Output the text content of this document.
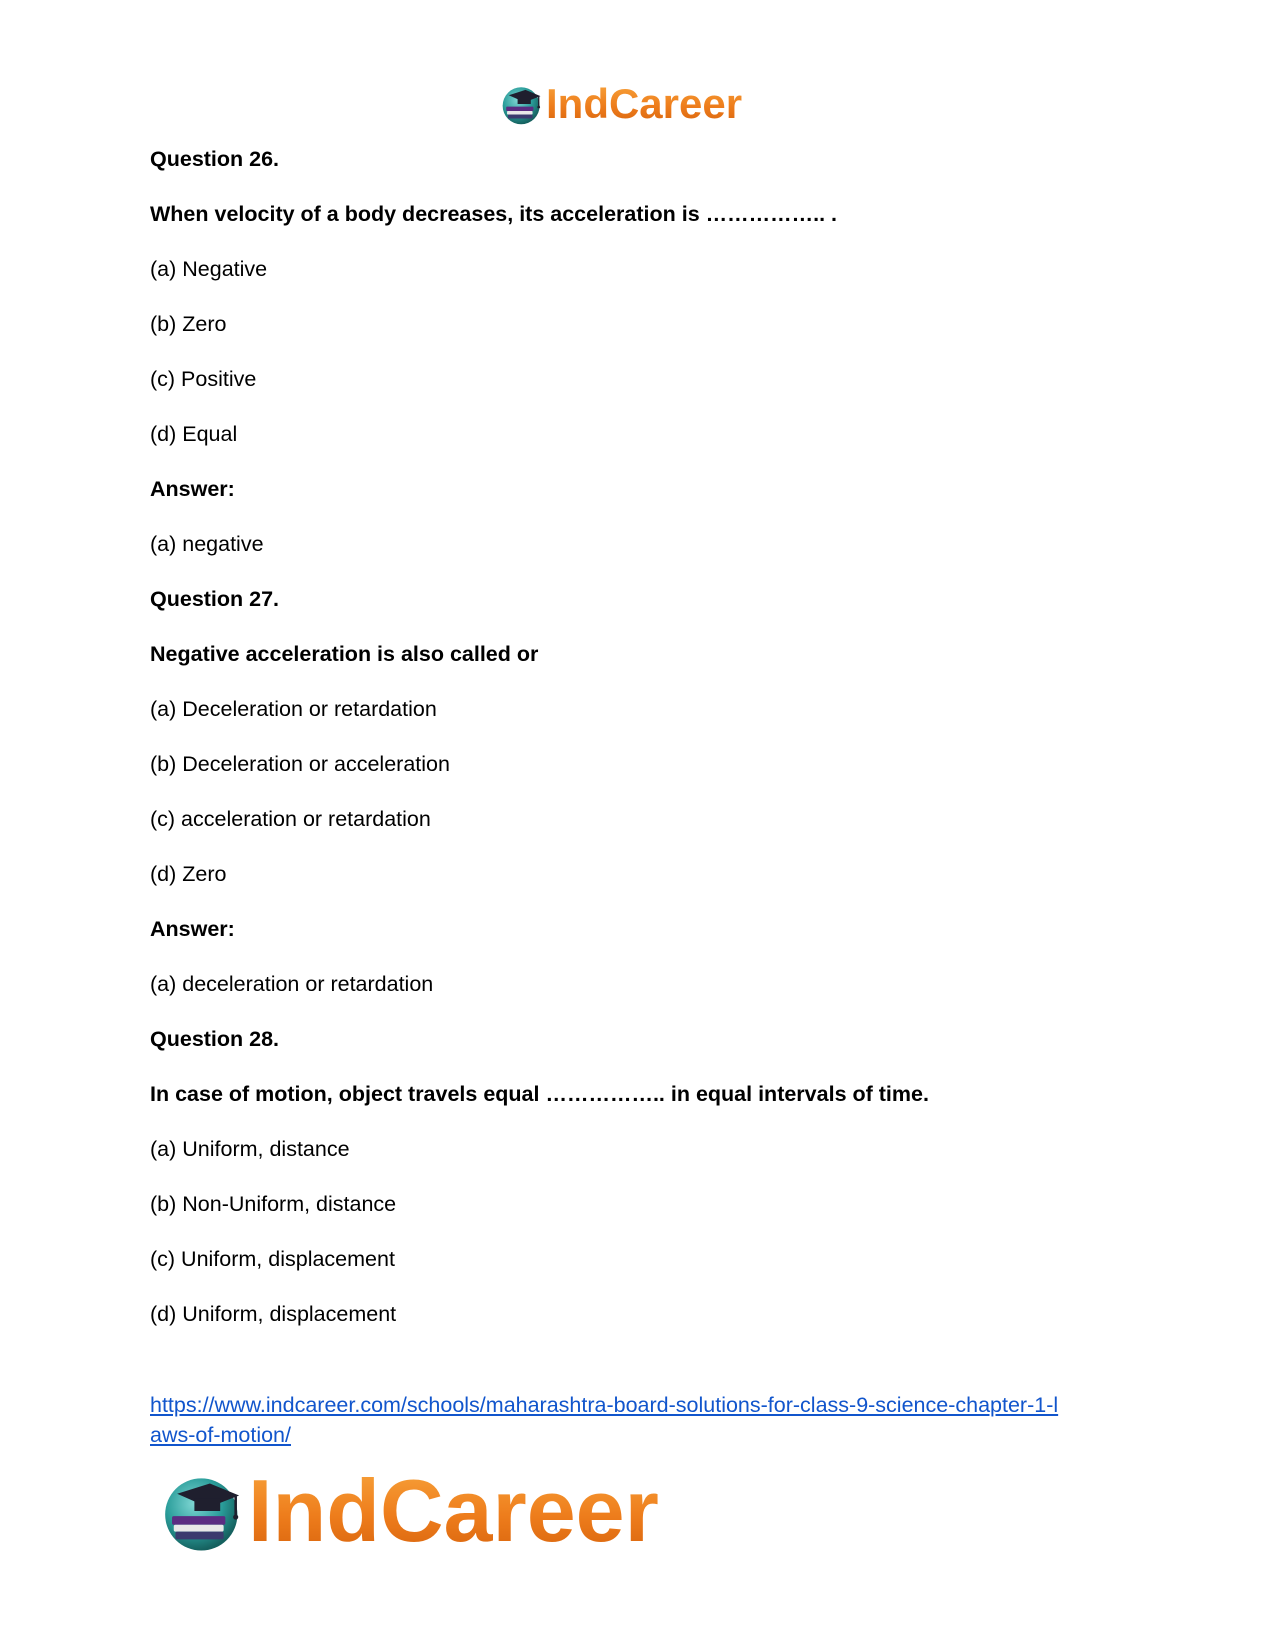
IndCareer
Question 26.
When velocity of a body decreases, its acceleration is …………….. .
(a) Negative
(b) Zero
(c) Positive
(d) Equal
Answer:
(a) negative
Question 27.
Negative acceleration is also called or
(a) Deceleration or retardation
(b) Deceleration or acceleration
(c) acceleration or retardation
(d) Zero
Answer:
(a) deceleration or retardation
Question 28.
In case of motion, object travels equal …………….. in equal intervals of time.
(a) Uniform, distance
(b) Non-Uniform, distance
(c) Uniform, displacement
(d) Uniform, displacement
https://www.indcareer.com/schools/maharashtra-board-solutions-for-class-9-science-chapter-1-l
aws-of-motion/
IndCareer
